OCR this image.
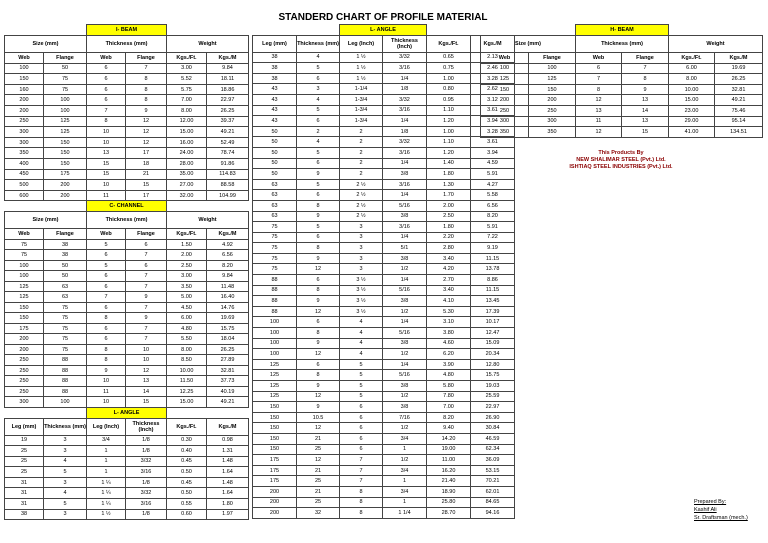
STANDERD CHART OF PROFILE MATERIAL
		I- BEAM			
Size (mm)		Thickness (mm)		Weight	
Web	Flange	Web	Flange	Kgs./Ft.	Kgs./M
100	50	6	7	3.00	9.84
150	75	6	8	5.52	18.11
160	75	6	8	5.75	18.86
200	100	6	8	7.00	22.97
200	100	7	9	8.00	26.25
250	125	8	12	12.00	39.37
300	125	10	12	15.00	49.21
300	150	10	12	16.00	52.49
350	150	13	17	24.00	78.74
400	150	15	18	28.00	91.86
450	175	15	21	35.00	114.83
500	200	10	15	27.00	88.58
600	200	11	17	32.00	104.99
		C- CHANNEL			
Size (mm)		Thickness (mm)		Weight	
Web	Flange	Web	Flange	Kgs./Ft.	Kgs./M
75	38	5	6	1.50	4.92
75	38	6	7	2.00	6.56
100	50	5	6	2.50	8.20
100	50	6	7	3.00	9.84
125	63	6	7	3.50	11.48
125	63	7	9	5.00	16.40
150	75	6	7	4.50	14.76
150	75	8	9	6.00	19.69
175	75	6	7	4.80	15.75
200	75	6	7	5.50	18.04
200	75	8	10	8.00	26.25
250	88	8	10	8.50	27.89
250	88	9	12	10.00	32.81
250	88	10	13	11.50	37.73
250	88	11	14	12.25	40.19
300	100	10	15	15.00	49.21
		L- ANGLE			
Leg (mm)	Thickness (mm)	Leg (Inch)	Thickness (Inch)	Kgs./Ft.	Kgs./M
19	3	3/4	1/8	0.30	0.98
25	3	1	1/8	0.40	1.31
25	4	1	3/32	0.45	1.48
25	5	1	3/16	0.50	1.64
31	3	1 ¼	1/8	0.45	1.48
31	4	1 ¼	3/32	0.50	1.64
31	5	1 ¼	3/16	0.55	1.80
38	3	1 ½	1/8	0.60	1.97
		L- ANGLE			
Leg (mm)	Thickness (mm)	Leg (Inch)	Thickness (Inch)	Kgs./Ft.	Kgs./M
38	4	1 ½	3/32	0.65	2.13
38	5	1 ½	3/16	0.75	2.46
38	6	1 ½	1/4	1.00	3.28
43	3	1-1/4	1/8	0.80	2.62
43	4	1-3/4	3/32	0.95	3.12
43	5	1-3/4	3/16	1.10	3.61
43	6	1-3/4	1/4	1.20	3.94
50	2	2	1/8	1.00	3.28
50	4	2	3/32	1.10	3.61
50	5	2	3/16	1.20	3.94
50	6	2	1/4	1.40	4.59
50	9	2	3/8	1.80	5.91
63	5	2 ½	3/16	1.30	4.27
63	6	2 ½	1/4	1.70	5.58
63	8	2 ½	5/16	2.00	6.56
63	9	2 ½	3/8	2.50	8.20
75	5	3	3/16	1.80	5.91
75	6	3	1/4	2.20	7.22
75	8	3	5/1	2.80	9.19
75	9	3	3/8	3.40	11.15
75	12	3	1/2	4.20	13.78
88	6	3 ½	1/4	2.70	8.86
88	8	3 ½	5/16	3.40	11.15
88	9	3 ½	3/8	4.10	13.45
88	12	3 ½	1/2	5.30	17.39
100	6	4	1/4	3.10	10.17
100	8	4	5/16	3.80	12.47
100	9	4	3/8	4.60	15.09
100	12	4	1/2	6.20	20.34
125	6	5	1/4	3.90	12.80
125	8	5	5/16	4.80	15.75
125	9	5	3/8	5.80	19.03
125	12	5	1/2	7.80	25.59
150	9	6	3/8	7.00	22.97
150	10.5	6	7/16	8.20	26.90
150	12	6	1/2	9.40	30.84
150	21	6	3/4	14.20	46.59
150	25	6	1	19.00	62.34
175	12	7	1/2	11.00	36.09
175	21	7	3/4	16.20	53.15
175	25	7	1	21.40	70.21
200	21	8	3/4	18.90	62.01
200	25	8	1	25.80	84.65
200	32	8	1 1/4	28.70	94.16
		H- BEAM			
Size (mm)		Thickness (mm)		Weight	
Web	Flange	Web	Flange	Kgs./Ft.	Kgs./M
100	100	6	7	6.00	19.69
125	125	7	8	8.00	26.25
150	150	8	9	10.00	32.81
200	200	12	13	15.00	49.21
250	250	13	14	23.00	75.46
300	300	11	13	29.00	95.14
350	350	12	15	41.00	134.51
This Products By
NEW SHALIMAR STEEL (Pvt.) Ltd.
ISHTIAQ STEEL INDUSTRIES (Pvt.) Ltd.
Prepared By:
Kashif Ali
Sr. Draftsman (mech.)
